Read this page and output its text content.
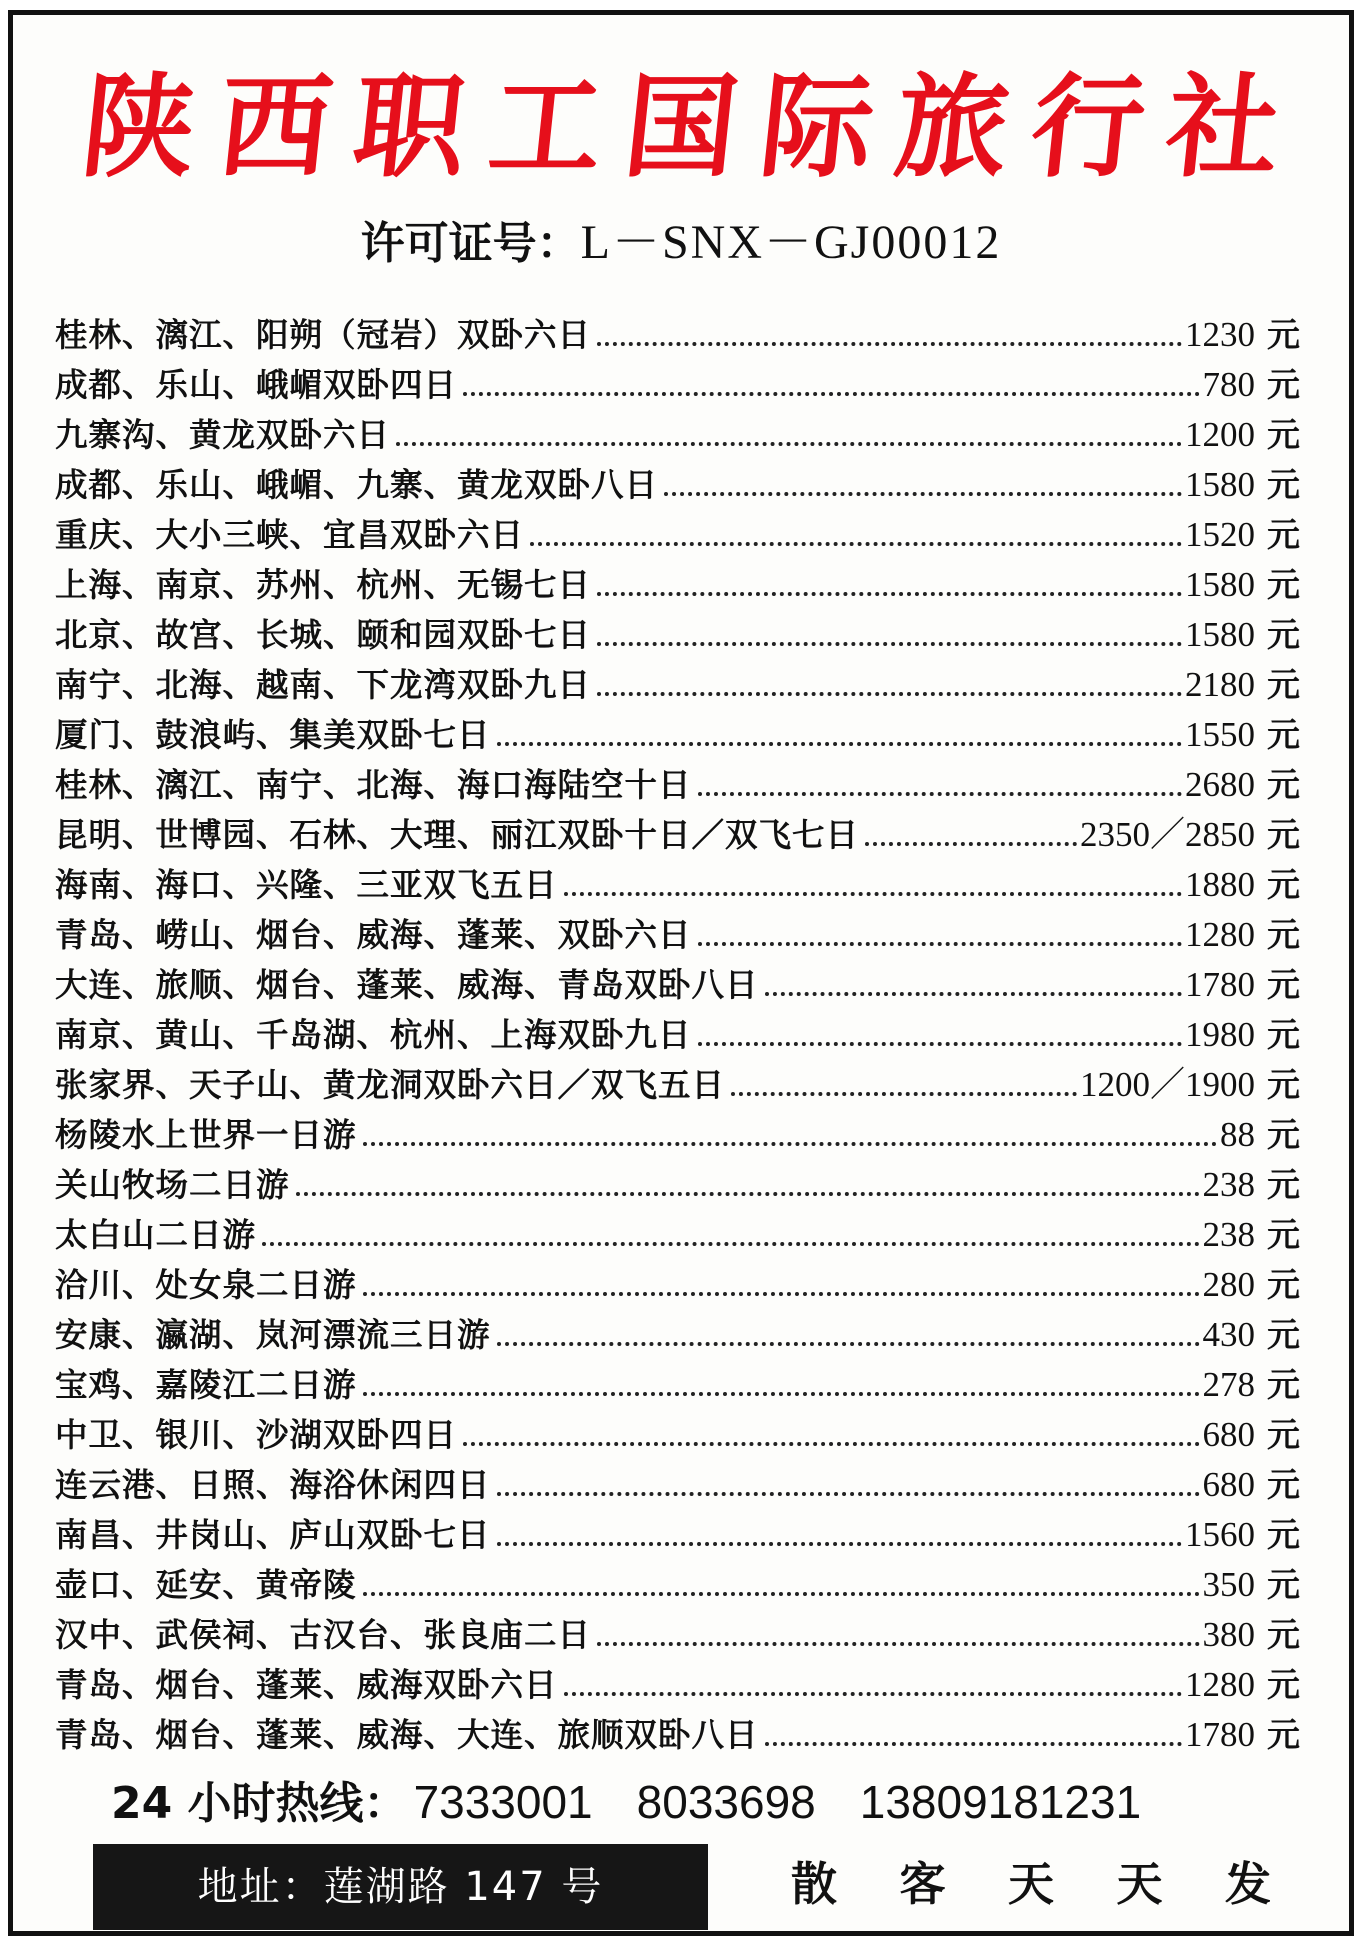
陕 西 职 工 国 际 旅 行 社
许可证号：L－SNX－GJ00012
桂林、漓江、阳朔（冠岩）双卧六日	1230 元
成都、乐山、峨嵋双卧四日	780 元
九寨沟、黄龙双卧六日	1200 元
成都、乐山、峨嵋、九寨、黄龙双卧八日	1580 元
重庆、大小三峡、宜昌双卧六日	1520 元
上海、南京、苏州、杭州、无锡七日	1580 元
北京、故宫、长城、颐和园双卧七日	1580 元
南宁、北海、越南、下龙湾双卧九日	2180 元
厦门、鼓浪屿、集美双卧七日	1550 元
桂林、漓江、南宁、北海、海口海陆空十日	2680 元
昆明、世博园、石林、大理、丽江双卧十日／双飞七日	2350／2850 元
海南、海口、兴隆、三亚双飞五日	1880 元
青岛、崂山、烟台、威海、蓬莱、双卧六日	1280 元
大连、旅顺、烟台、蓬莱、威海、青岛双卧八日	1780 元
南京、黄山、千岛湖、杭州、上海双卧九日	1980 元
张家界、天子山、黄龙洞双卧六日／双飞五日	1200／1900 元
杨陵水上世界一日游	88 元
关山牧场二日游	238 元
太白山二日游	238 元
洽川、处女泉二日游	280 元
安康、瀛湖、岚河漂流三日游	430 元
宝鸡、嘉陵江二日游	278 元
中卫、银川、沙湖双卧四日	680 元
连云港、日照、海浴休闲四日	680 元
南昌、井岗山、庐山双卧七日	1560 元
壶口、延安、黄帝陵	350 元
汉中、武侯祠、古汉台、张良庙二日	380 元
青岛、烟台、蓬莱、威海双卧六日	1280 元
青岛、烟台、蓬莱、威海、大连、旅顺双卧八日	1780 元
24 小时热线： 7333001 8033698 13809181231
地址：莲湖路 147 号	散 客 天 天 发
